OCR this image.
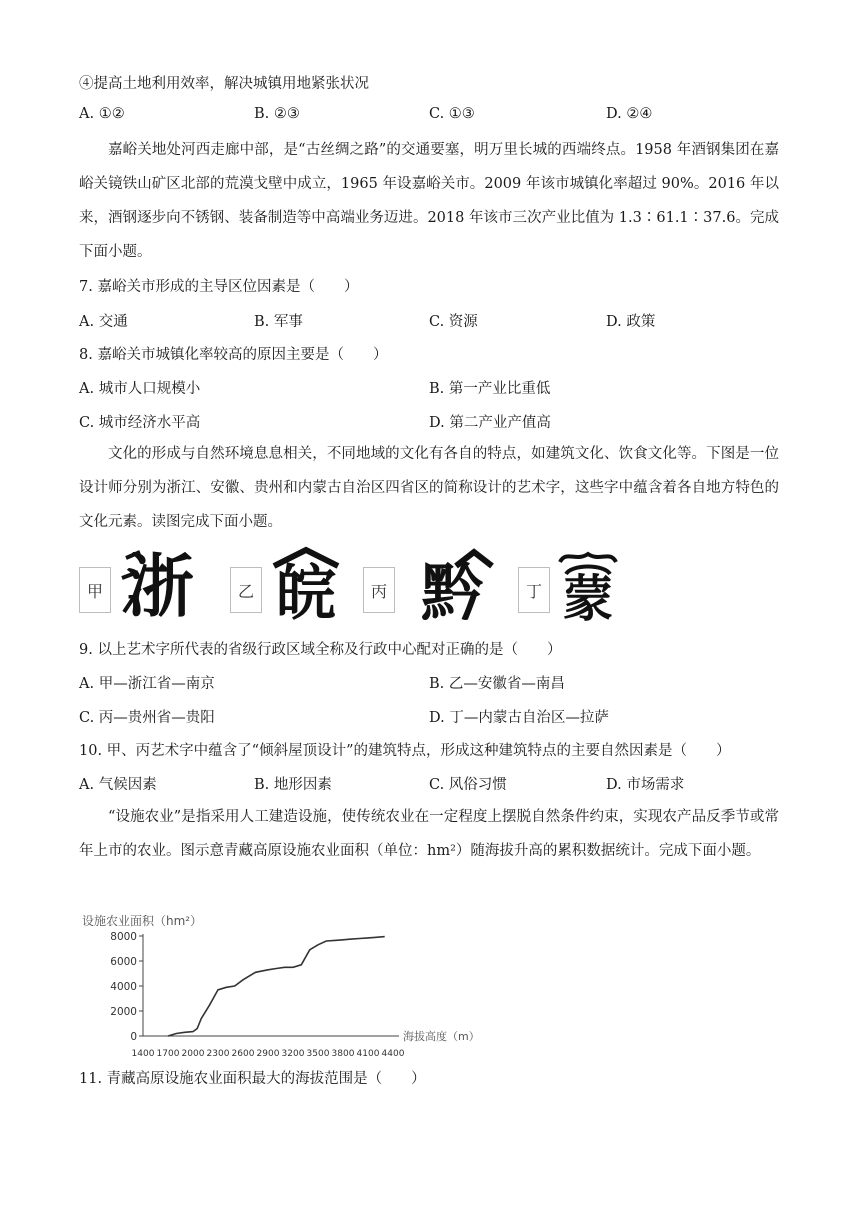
④提高土地利用效率，解决城镇用地紧张状况
A. ①②	B. ②③	C. ①③	D. ②④
嘉峪关地处河西走廊中部，是“古丝绸之路”的交通要塞，明万里长城的西端终点。1958 年酒钢集团在嘉峪关镜铁山矿区北部的荒漠戈壁中成立，1965 年设嘉峪关市。2009 年该市城镇化率超过 90%。2016 年以来，酒钢逐步向不锈钢、装备制造等中高端业务迈进。2018 年该市三次产业比值为 1.3∶61.1∶37.6。完成下面小题。
7. 嘉峪关市形成的主导区位因素是（　　）
A. 交通	B. 军事	C. 资源	D. 政策
8. 嘉峪关市城镇化率较高的原因主要是（　　）
A. 城市人口规模小	B. 第一产业比重低
C. 城市经济水平高	D. 第二产业产值高
文化的形成与自然环境息息相关，不同地域的文化有各自的特点，如建筑文化、饮食文化等。下图是一位设计师分别为浙江、安徽、贵州和内蒙古自治区四省区的简称设计的艺术字，这些字中蕴含着各自地方特色的文化元素。读图完成下面小题。
甲 浙	乙 皖	丙 黔	丁 蒙
9. 以上艺术字所代表的省级行政区域全称及行政中心配对正确的是（　　）
A. 甲—浙江省—南京	B. 乙—安徽省—南昌
C. 丙—贵州省—贵阳	D. 丁—内蒙古自治区—拉萨
10. 甲、丙艺术字中蕴含了“倾斜屋顶设计”的建筑特点，形成这种建筑特点的主要自然因素是（　　）
A. 气候因素	B. 地形因素	C. 风俗习惯	D. 市场需求
“设施农业”是指采用人工建造设施，使传统农业在一定程度上摆脱自然条件约束，实现农产品反季节或常年上市的农业。图示意青藏高原设施农业面积（单位：hm²）随海拔升高的累积数据统计。完成下面小题。
设施农业面积（hm²）
0
2000
4000
6000
8000
1400 1700 2000 2300 2600 2900 3200 3500 3800 4100 4400
海拔高度（m）
11. 青藏高原设施农业面积最大的海拔范围是（　　）
